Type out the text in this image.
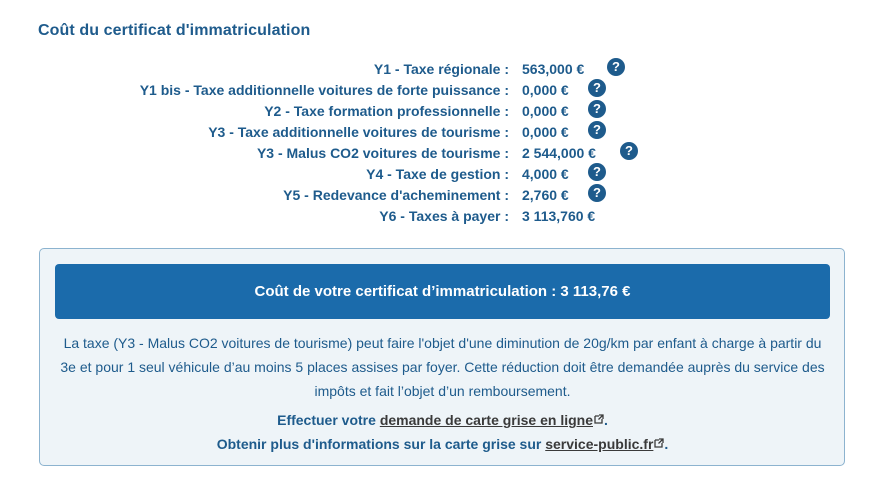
Coût du certificat d'immatriculation
Y1 - Taxe régionale : 563,000 €	?
Y1 bis - Taxe additionnelle voitures de forte puissance : 0,000 €	?
Y2 - Taxe formation professionnelle : 0,000 €	?
Y3 - Taxe additionnelle voitures de tourisme : 0,000 €	?
Y3 - Malus CO2 voitures de tourisme : 2 544,000 €	?
Y4 - Taxe de gestion : 4,000 €	?
Y5 - Redevance d'acheminement : 2,760 €	?
Y6 - Taxes à payer : 3 113,760 €
Coût de votre certificat d’immatriculation : 3 113,76 €
La taxe (Y3 - Malus CO2 voitures de tourisme) peut faire l'objet d'une diminution de 20g/km par enfant à charge à partir du 3e et pour 1 seul véhicule d’au moins 5 places assises par foyer. Cette réduction doit être demandée auprès du service des impôts et fait l’objet d’un remboursement.
Effectuer votre demande de carte grise en ligne .
Obtenir plus d'informations sur la carte grise sur service-public.fr .
